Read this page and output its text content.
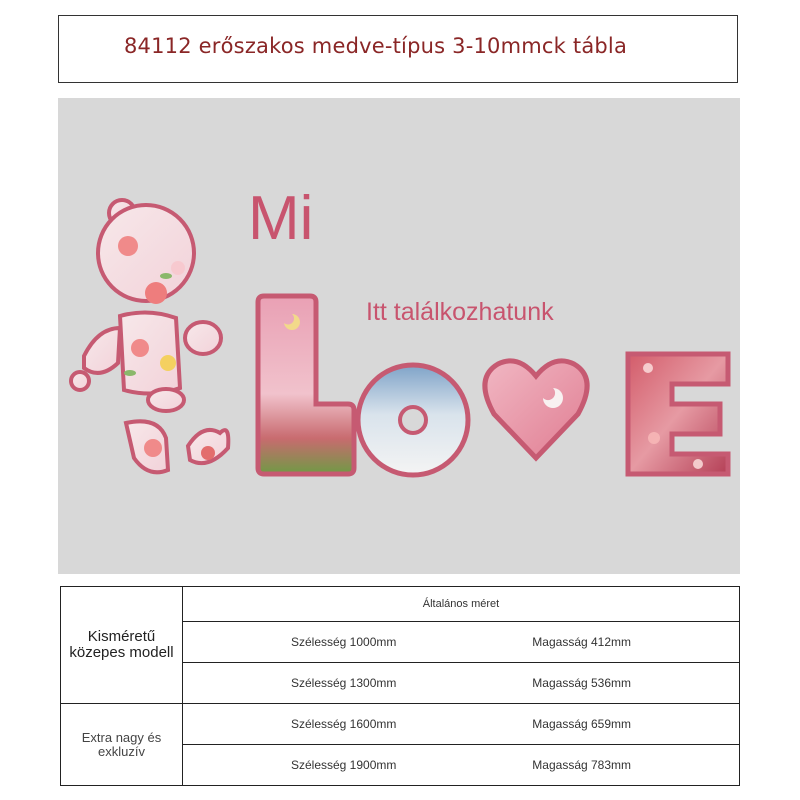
84112 erőszakos medve-típus 3-10mmck tábla
Mi
Itt találkozhatunk
Kisméretű közepes modell	Általános méret

	Szélesség 1000mm Magasság 412mm

	Szélesség 1300mm Magasság 536mm

Extra nagy és exkluzív	Szélesség 1600mm Magasság 659mm

	Szélesség 1900mm Magasság 783mm
